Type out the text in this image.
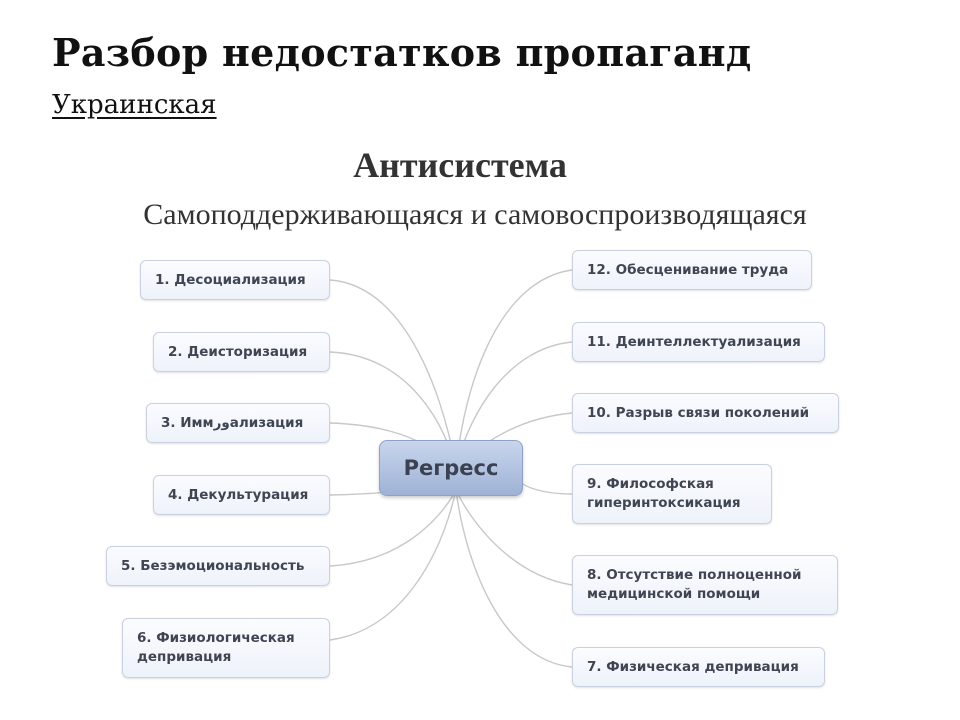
Разбор недостатков пропаганд
Украинская
Антисистема
Самоподдерживающаяся и самовоспроизводящаяся
1. Десоциализация
2. Деисторизация
3. Иммورализация
4. Декультурация
5. Безэмоциональность
6. Физиологическая
депривация
Регресс
12. Обесценивание труда
11. Деинтеллектуализация
10. Разрыв связи поколений
9. Философская
гиперинтоксикация
8. Отсутствие полноценной
медицинской помощи
7. Физическая депривация
